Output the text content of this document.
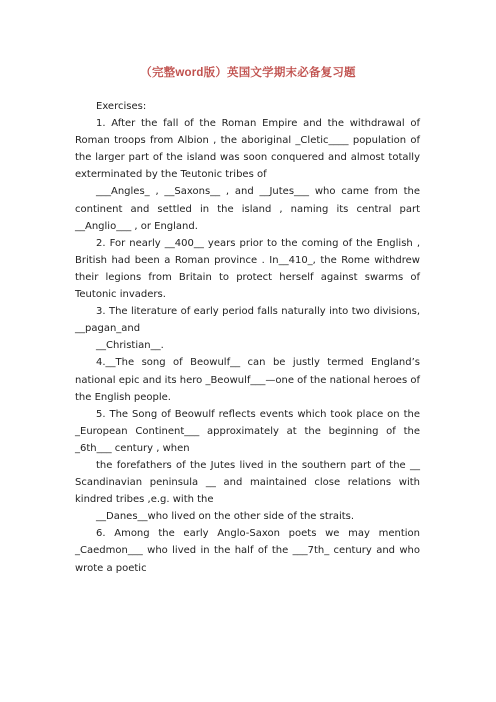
（完整word版）英国文学期末必备复习题

Exercises:

1. After the fall of the Roman Empire and the withdrawal of Roman troops from Albion , the aboriginal _Cletic____ population of the larger part of the island was soon conquered and almost totally exterminated by the Teutonic tribes of

___Angles_ , __Saxons__ , and __Jutes___ who came from the continent and settled in the island , naming its central part __Anglio___ , or England.

2. For nearly __400__ years prior to the coming of the English , British had been a Roman province . In__410_, the Rome withdrew their legions from Britain to protect herself against swarms of Teutonic invaders.

3. The literature of early period falls naturally into two divisions, __pagan_and

__Christian__.

4.__The song of Beowulf__ can be justly termed England’s national epic and its hero _Beowulf___—one of the national heroes of the English people.

5. The Song of Beowulf reflects events which took place on the _European Continent___ approximately at the beginning of the _6th___ century , when

the forefathers of the Jutes lived in the southern part of the __ Scandinavian peninsula __ and maintained close relations with kindred tribes ,e.g. with the

__Danes__who lived on the other side of the straits.

6. Among the early Anglo-Saxon poets we may mention _Caedmon___ who lived in the half of the ___7th_ century and who wrote a poetic
